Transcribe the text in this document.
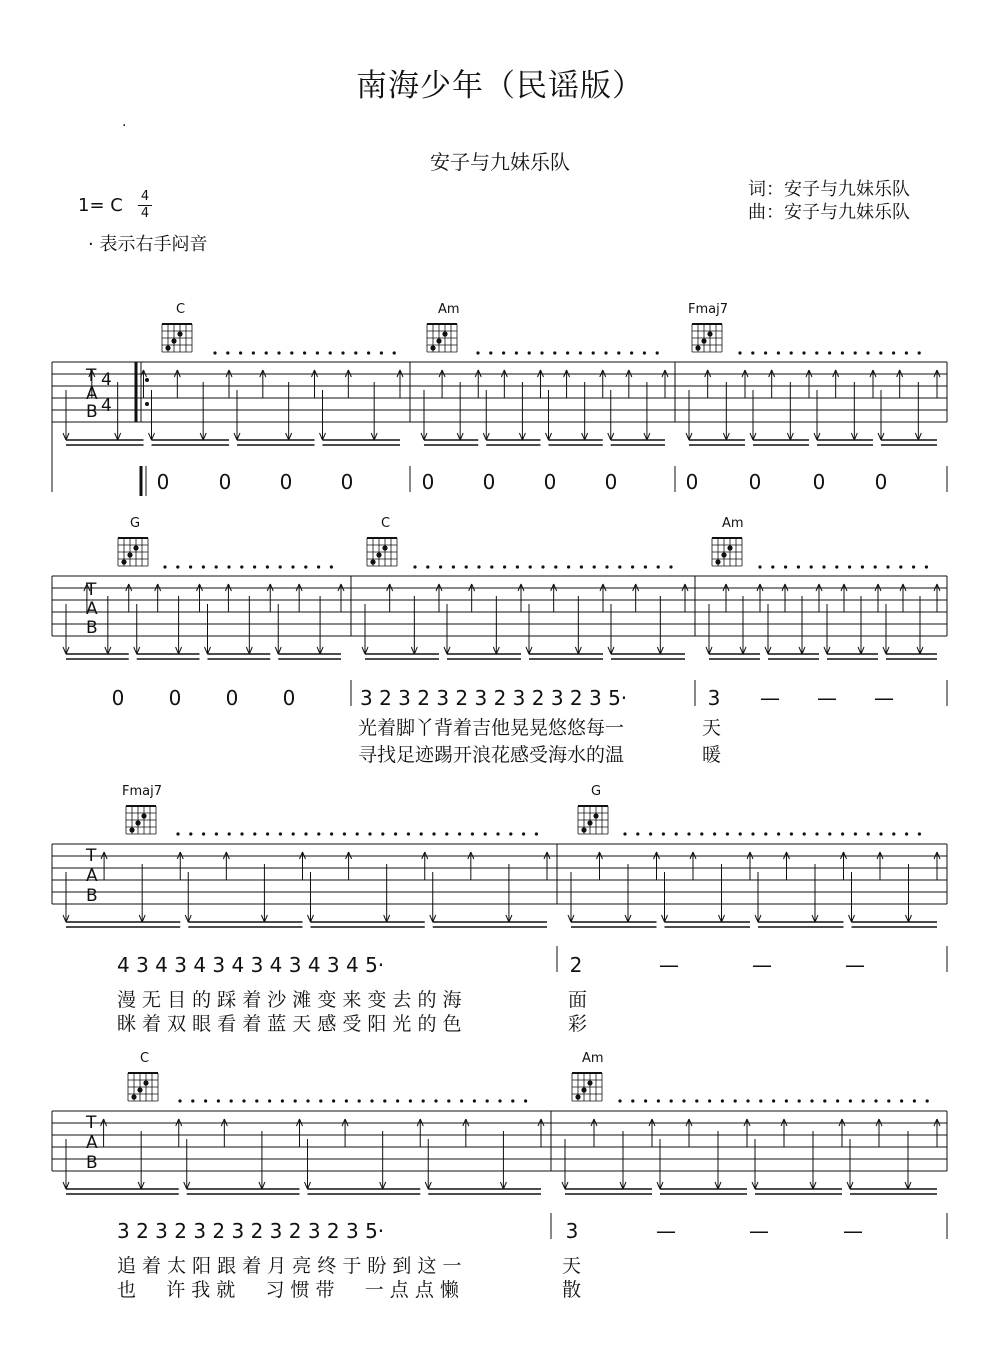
南海少年（民谣版）
.
安子与九妹乐队
词：安子与九妹乐队
曲：安子与九妹乐队
1= C 4
4
· 表示右手闷音
T
A
B
4
4
C	Am	Fmaj7
0 0 0 0	0 0 0 0	0	0	0 0
T
A
B
G	C	Am
0 0 0 0	3 2 3 2 3 2 3 2 3 2 3 2 3 5·	3 — — —
光着脚丫背着吉他晃晃悠悠每一	天
寻找足迹踢开浪花感受海水的温	暖
T
A
B
Fmaj7	G
4 3 4 3 4 3 4 3 4 3 4 3 4 5·	2	—	—	—
漫 无 目 的 踩 着 沙 滩 变 来 变 去 的 海	面
眯 着 双 眼 看 着 蓝 天 感 受 阳 光 的 色	彩
T
A
B
C	Am
3 2 3 2 3 2 3 2 3 2 3 2 3 5·	3	—	—	—
追 着 太 阳 跟 着 月 亮 终 于 盼 到 这 一	天
也     许 我 就     习 惯 带     一 点 点 懒	散
